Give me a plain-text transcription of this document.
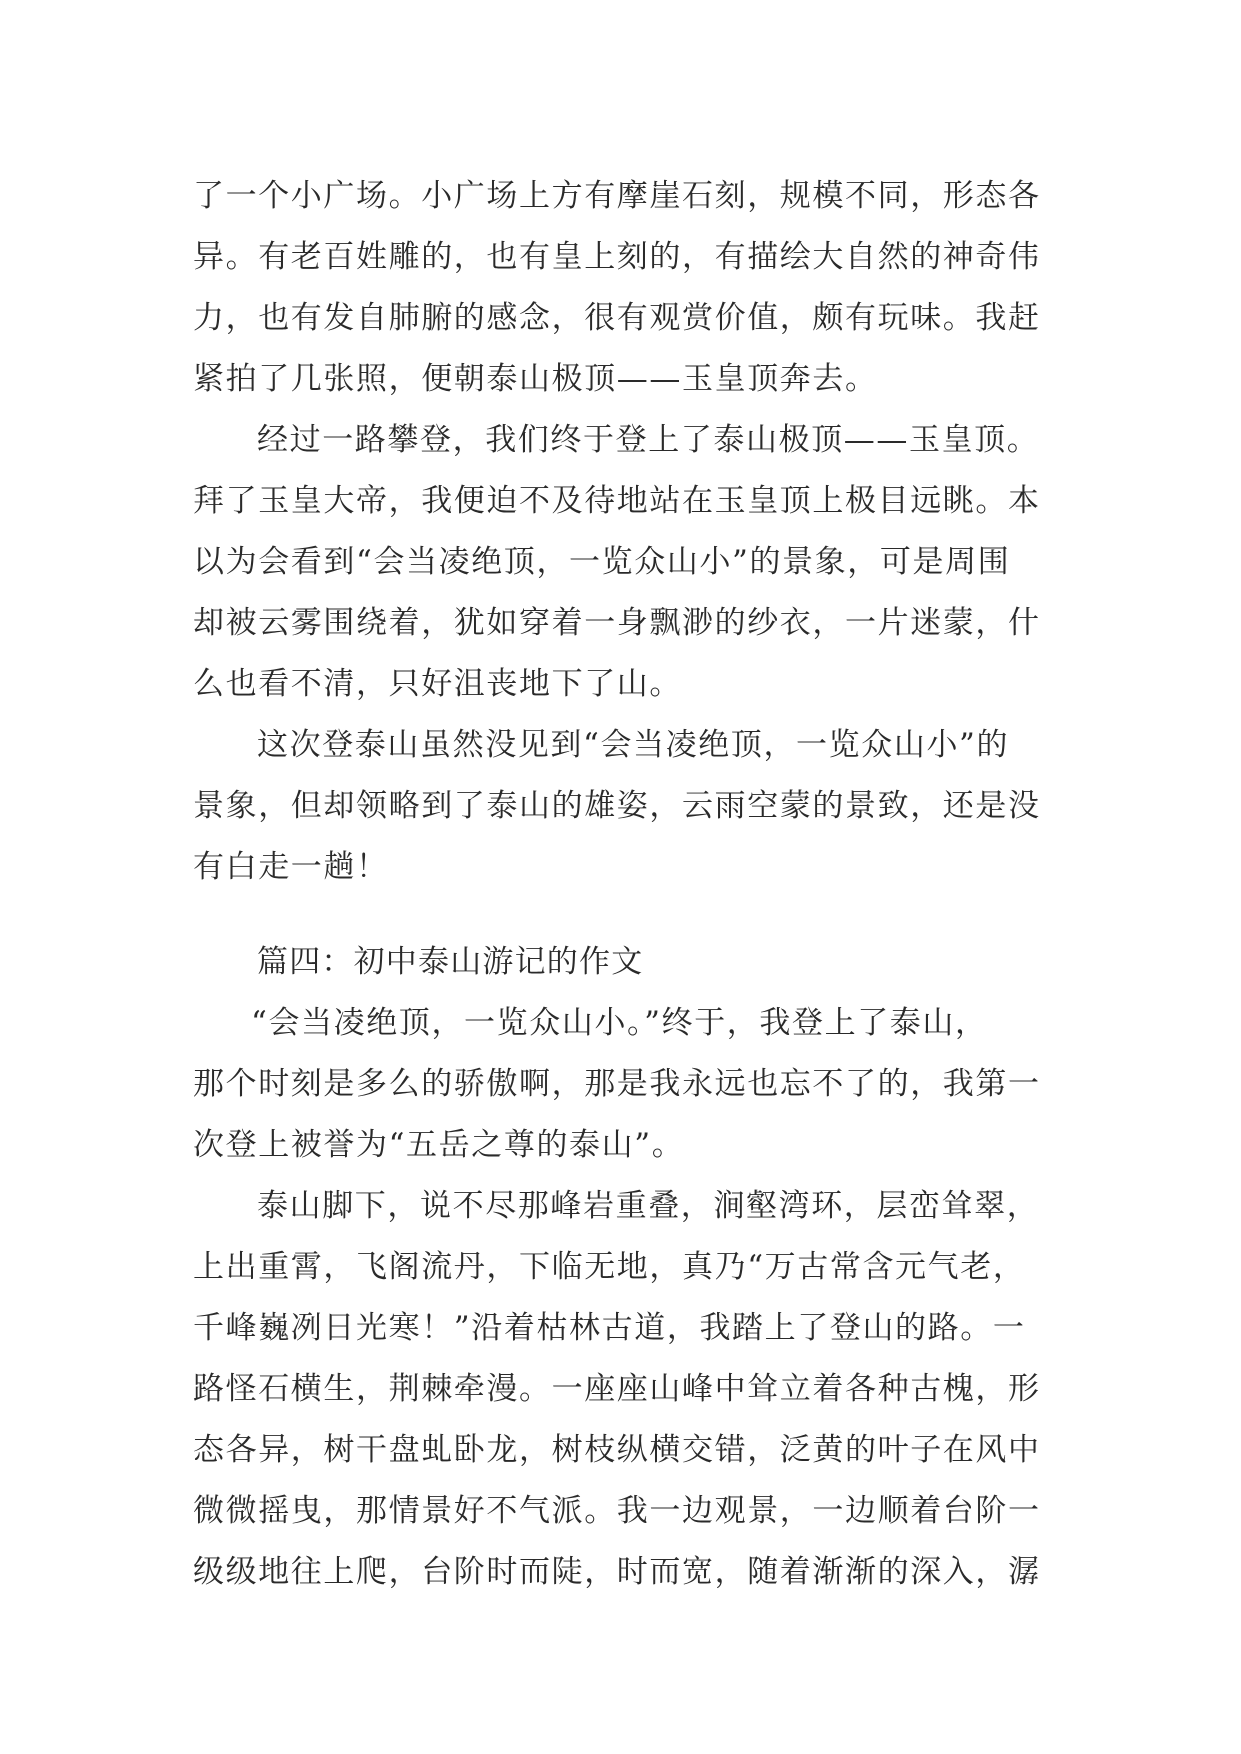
了一个小广场。小广场上方有摩崖石刻，规模不同，形态各
异。有老百姓雕的，也有皇上刻的，有描绘大自然的神奇伟
力，也有发自肺腑的感念，很有观赏价值，颇有玩味。我赶
紧拍了几张照，便朝泰山极顶——玉皇顶奔去。
经过一路攀登，我们终于登上了泰山极顶——玉皇顶。
拜了玉皇大帝，我便迫不及待地站在玉皇顶上极目远眺。本
以为会看到“会当凌绝顶，一览众山小”的景象，可是周围
却被云雾围绕着，犹如穿着一身飘渺的纱衣，一片迷蒙，什
么也看不清，只好沮丧地下了山。
这次登泰山虽然没见到“会当凌绝顶，一览众山小”的
景象，但却领略到了泰山的雄姿，云雨空蒙的景致，还是没
有白走一趟！
篇四：初中泰山游记的作文
“会当凌绝顶，一览众山小。”终于，我登上了泰山，
那个时刻是多么的骄傲啊，那是我永远也忘不了的，我第一
次登上被誉为“五岳之尊的泰山”。
泰山脚下，说不尽那峰岩重叠，涧壑湾环，层峦耸翠，
上出重霄，飞阁流丹，下临无地，真乃“万古常含元气老，
千峰巍冽日光寒！”沿着枯林古道，我踏上了登山的路。一
路怪石横生，荆棘牵漫。一座座山峰中耸立着各种古槐，形
态各异，树干盘虬卧龙，树枝纵横交错，泛黄的叶子在风中
微微摇曳，那情景好不气派。我一边观景，一边顺着台阶一
级级地往上爬，台阶时而陡，时而宽，随着渐渐的深入，潺
